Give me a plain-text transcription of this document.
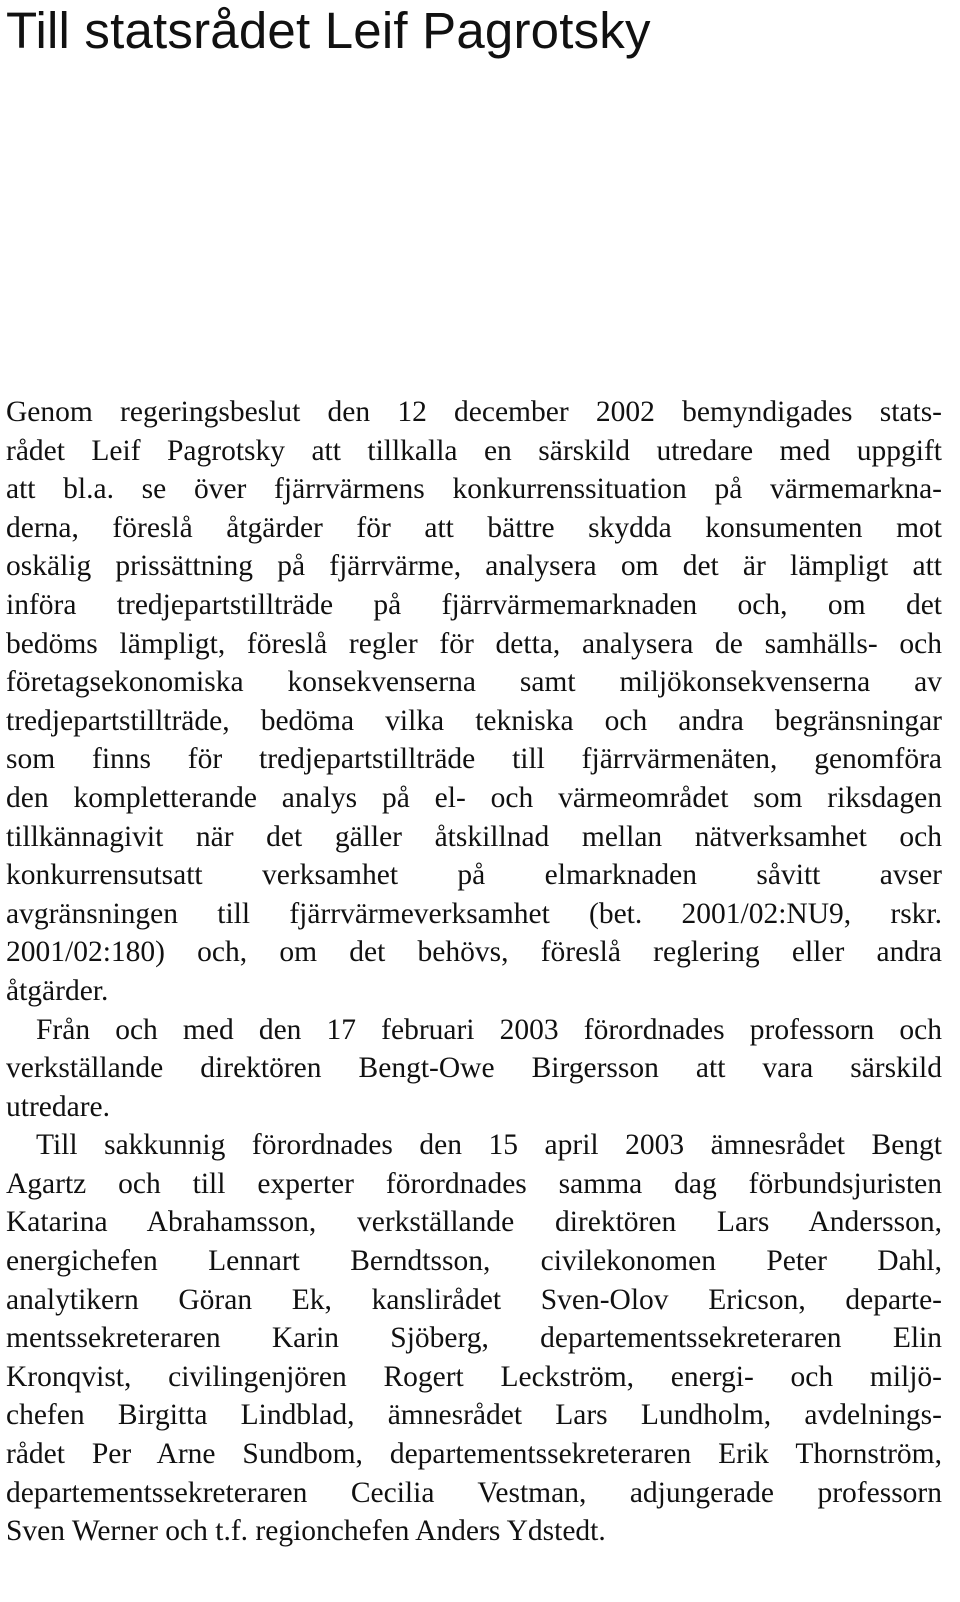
Till statsrådet Leif Pagrotsky
Genom regeringsbeslut den 12 december 2002 bemyndigades stats-
rådet Leif Pagrotsky att tillkalla en särskild utredare med uppgift
att bl.a. se över fjärrvärmens konkurrenssituation på värmemarkna-
derna, föreslå åtgärder för att bättre skydda konsumenten mot
oskälig prissättning på fjärrvärme, analysera om det är lämpligt att
införa tredjepartstillträde på fjärrvärmemarknaden och, om det
bedöms lämpligt, föreslå regler för detta, analysera de samhälls- och
företagsekonomiska konsekvenserna samt miljökonsekvenserna av
tredjepartstillträde, bedöma vilka tekniska och andra begränsningar
som finns för tredjepartstillträde till fjärrvärmenäten, genomföra
den kompletterande analys på el- och värmeområdet som riksdagen
tillkännagivit när det gäller åtskillnad mellan nätverksamhet och
konkurrensutsatt verksamhet på elmarknaden såvitt avser
avgränsningen till fjärrvärmeverksamhet (bet. 2001/02:NU9, rskr.
2001/02:180) och, om det behövs, föreslå reglering eller andra
åtgärder.
Från och med den 17 februari 2003 förordnades professorn och
verkställande direktören Bengt-Owe Birgersson att vara särskild
utredare.
Till sakkunnig förordnades den 15 april 2003 ämnesrådet Bengt
Agartz och till experter förordnades samma dag förbundsjuristen
Katarina Abrahamsson, verkställande direktören Lars Andersson,
energichefen Lennart Berndtsson, civilekonomen Peter Dahl,
analytikern Göran Ek, kanslirådet Sven-Olov Ericson, departe-
mentssekreteraren Karin Sjöberg, departementssekreteraren Elin
Kronqvist, civilingenjören Rogert Leckström, energi- och miljö-
chefen Birgitta Lindblad, ämnesrådet Lars Lundholm, avdelnings-
rådet Per Arne Sundbom, departementssekreteraren Erik Thornström,
departementssekreteraren Cecilia Vestman, adjungerade professorn
Sven Werner och t.f. regionchefen Anders Ydstedt.
